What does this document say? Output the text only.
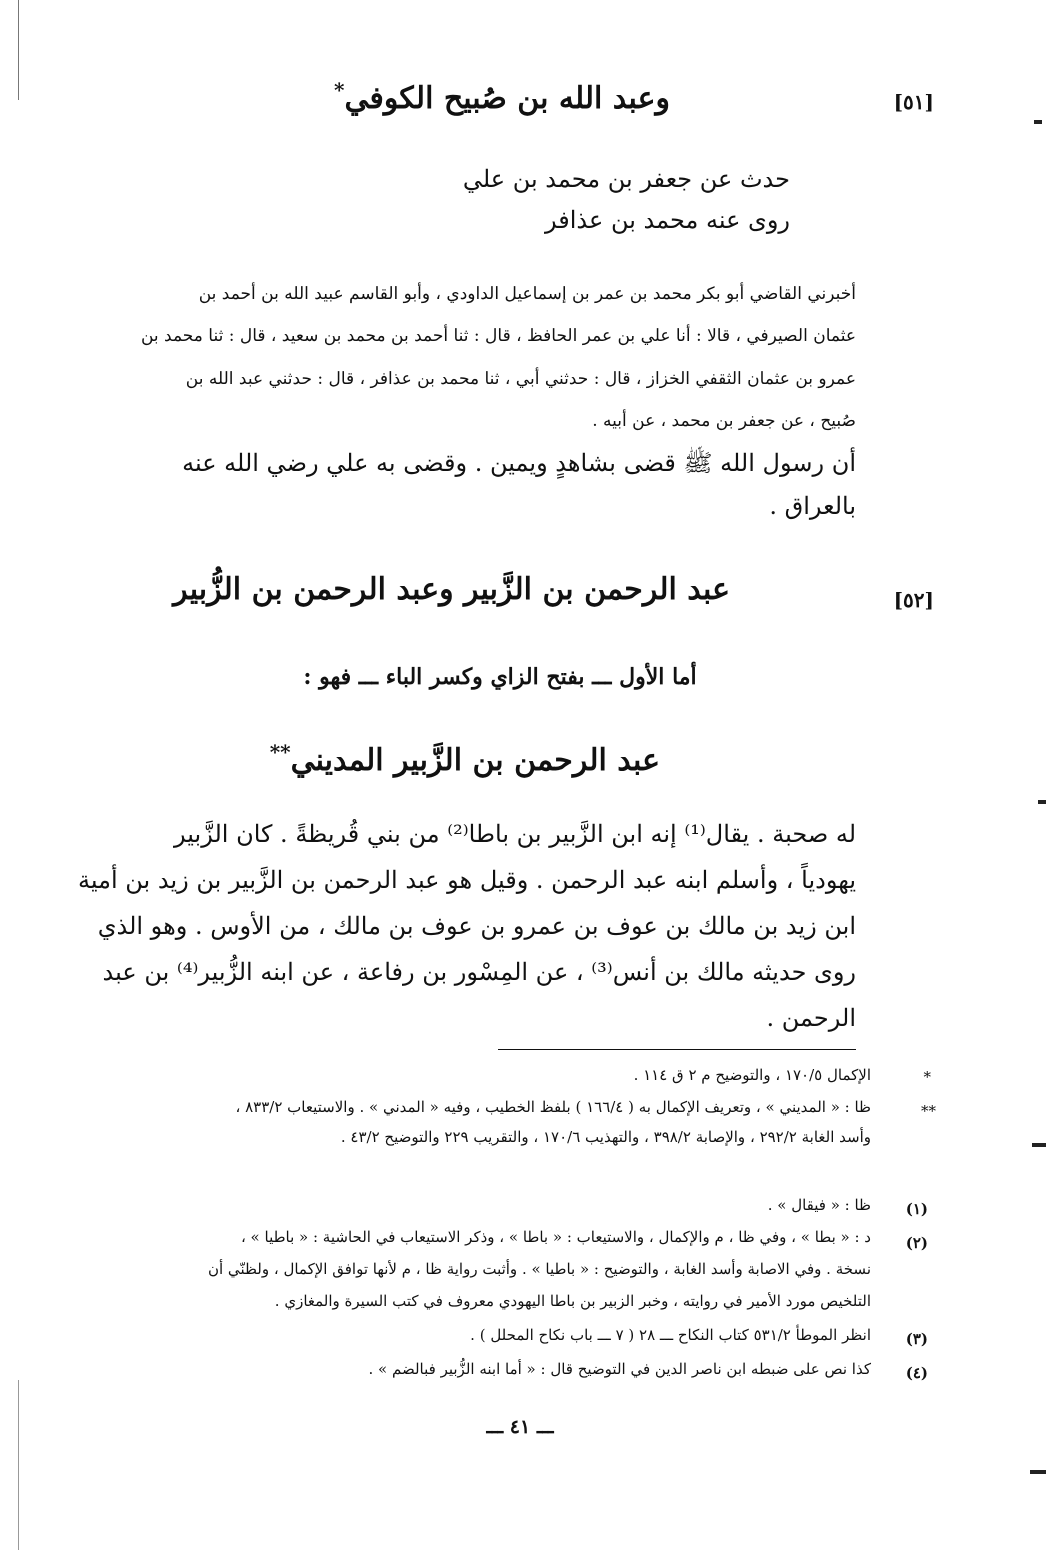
[٥١]
وعبد الله بن صُبيح الكوفي*
حدث عن جعفر بن محمد بن علي
روى عنه محمد بن عذافر
أخبرني القاضي أبو بكر محمد بن عمر بن إسماعيل الداودي ، وأبو القاسم عبيد الله بن أحمد بن
عثمان الصيرفي ، قالا : أنا علي بن عمر الحافظ ، قال : ثنا أحمد بن محمد بن سعيد ، قال : ثنا محمد بن
عمرو بن عثمان الثقفي الخزاز ، قال : حدثني أبي ، ثنا محمد بن عذافر ، قال : حدثني عبد الله بن
صُبيح ، عن جعفر بن محمد ، عن أبيه .
أن رسول الله ﷺ قضى بشاهدٍ ويمين . وقضى به علي رضي الله عنه
بالعراق .
[٥٢]
عبد الرحمن بن الزَّبير وعبد الرحمن بن الزُّبير
أما الأول ـــ بفتح الزاي وكسر الباء ـــ فهو :
عبد الرحمن بن الزَّبير المديني**
له صحبة . يقال⁽¹⁾ إنه ابن الزَّبير بن باطا⁽²⁾ من بني قُريظةً . كان الزَّبير
يهودياً ، وأسلم ابنه عبد الرحمن . وقيل هو عبد الرحمن بن الزَّبير بن زيد بن أمية
ابن زيد بن مالك بن عوف بن عمرو بن عوف بن مالك ، من الأوس . وهو الذي
روى حديثه مالك بن أنس⁽³⁾ ، عن المِسْور بن رفاعة ، عن ابنه الزُّبير⁽⁴⁾ بن عبد
الرحمن .
*
الإكمال ١٧٠/٥ ، والتوضيح م ٢ ق ١١٤ .
**
ظا : « المديني » ، وتعريف الإكمال به ( ١٦٦/٤ ) بلفظ الخطيب ، وفيه « المدني » . والاستيعاب ٨٣٣/٢ ،
وأسد الغابة ٢٩٢/٢ ، والإصابة ٣٩٨/٢ ، والتهذيب ١٧٠/٦ ، والتقريب ٢٢٩ والتوضيح ٤٣/٢ .
(١)
ظا : « فيقال » .
(٢)
د : « بطا » ، وفي ظا ، م والإكمال ، والاستيعاب : « باطا » ، وذكر الاستيعاب في الحاشية : « باطيا » ،
نسخة . وفي الاصابة وأسد الغابة ، والتوضيح : « باطيا » . وأثبت رواية ظا ، م لأنها توافق الإكمال ، ولظنّي أن
التلخيص مورد الأمير في روايته ، وخبر الزبير بن باطا اليهودي معروف في كتب السيرة والمغازي .
(٣)
انظر الموطأ ٥٣١/٢ كتاب النكاح ـــ ٢٨ ( ٧ ـــ باب نكاح المحلل ) .
(٤)
كذا نص على ضبطه ابن ناصر الدين في التوضيح قال : « أما ابنه الزُّبير فبالضم » .
ـــ ٤١ ـــ
